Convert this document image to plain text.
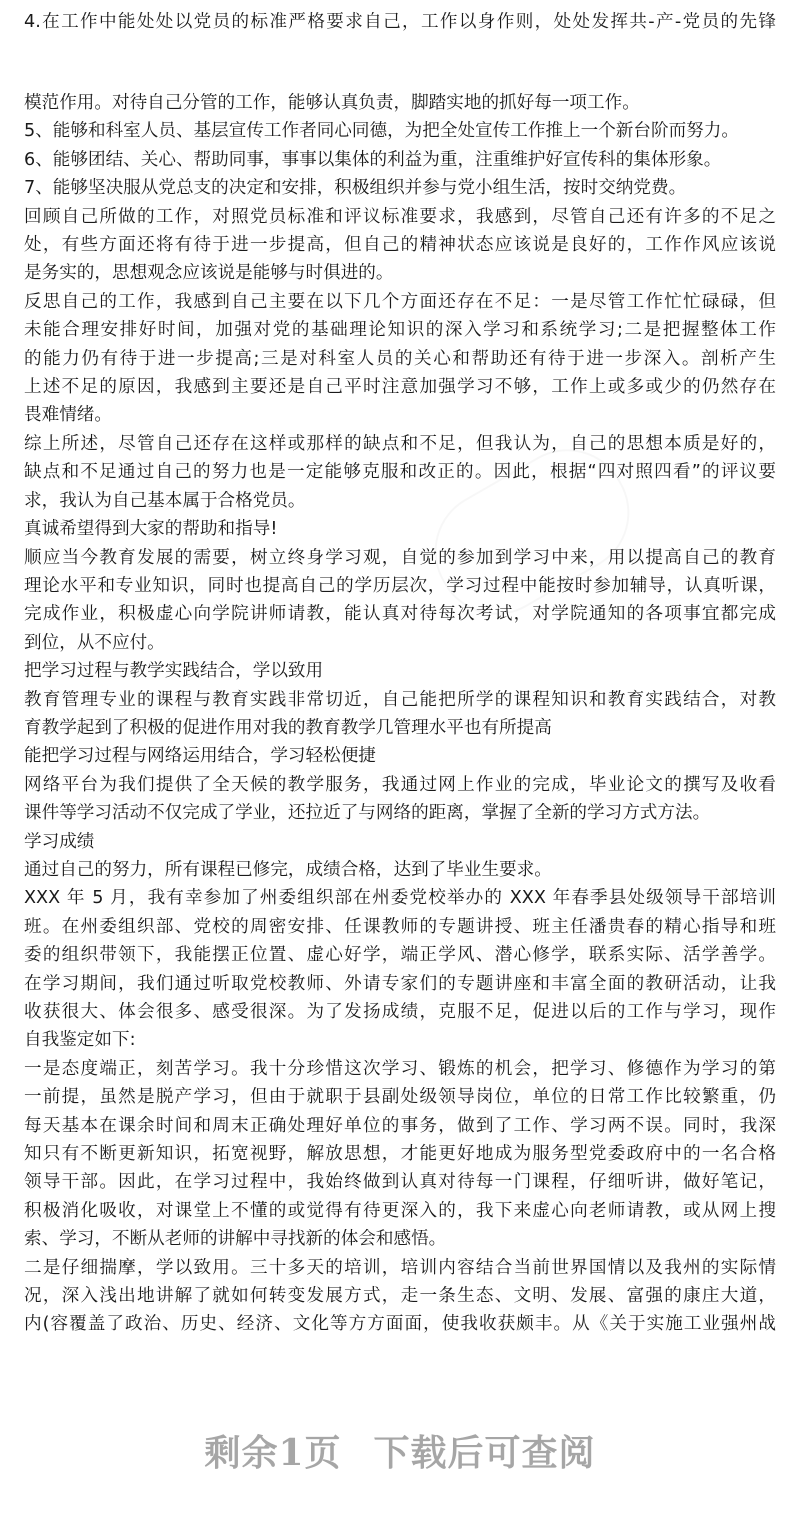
4.在工作中能处处以党员的标准严格要求自己，工作以身作则，处处发挥共-产-党员的先锋
模范作用。对待自己分管的工作，能够认真负责，脚踏实地的抓好每一项工作。
5、能够和科室人员、基层宣传工作者同心同德，为把全处宣传工作推上一个新台阶而努力。
6、能够团结、关心、帮助同事，事事以集体的利益为重，注重维护好宣传科的集体形象。
7、能够坚决服从党总支的决定和安排，积极组织并参与党小组生活，按时交纳党费。
回顾自己所做的工作，对照党员标准和评议标准要求，我感到，尽管自己还有许多的不足之
处，有些方面还将有待于进一步提高，但自己的精神状态应该说是良好的，工作作风应该说
是务实的，思想观念应该说是能够与时俱进的。
反思自己的工作，我感到自己主要在以下几个方面还存在不足：一是尽管工作忙忙碌碌，但
未能合理安排好时间，加强对党的基础理论知识的深入学习和系统学习;二是把握整体工作
的能力仍有待于进一步提高;三是对科室人员的关心和帮助还有待于进一步深入。剖析产生
上述不足的原因，我感到主要还是自己平时注意加强学习不够，工作上或多或少的仍然存在
畏难情绪。
综上所述，尽管自己还存在这样或那样的缺点和不足，但我认为，自己的思想本质是好的，
缺点和不足通过自己的努力也是一定能够克服和改正的。因此，根据“四对照四看”的评议要
求，我认为自己基本属于合格党员。
真诚希望得到大家的帮助和指导!
顺应当今教育发展的需要，树立终身学习观，自觉的参加到学习中来，用以提高自己的教育
理论水平和专业知识，同时也提高自己的学历层次，学习过程中能按时参加辅导，认真听课，
完成作业，积极虚心向学院讲师请教，能认真对待每次考试，对学院通知的各项事宜都完成
到位，从不应付。
把学习过程与教学实践结合，学以致用
教育管理专业的课程与教育实践非常切近，自己能把所学的课程知识和教育实践结合，对教
育教学起到了积极的促进作用对我的教育教学几管理水平也有所提高
能把学习过程与网络运用结合，学习轻松便捷
网络平台为我们提供了全天候的教学服务，我通过网上作业的完成，毕业论文的撰写及收看
课件等学习活动不仅完成了学业，还拉近了与网络的距离，掌握了全新的学习方式方法。
学习成绩
通过自己的努力，所有课程已修完，成绩合格，达到了毕业生要求。
XXX 年 5 月，我有幸参加了州委组织部在州委党校举办的 XXX 年春季县处级领导干部培训
班。在州委组织部、党校的周密安排、任课教师的专题讲授、班主任潘贵春的精心指导和班
委的组织带领下，我能摆正位置、虚心好学，端正学风、潜心修学，联系实际、活学善学。
在学习期间，我们通过听取党校教师、外请专家们的专题讲座和丰富全面的教研活动，让我
收获很大、体会很多、感受很深。为了发扬成绩，克服不足，促进以后的工作与学习，现作
自我鉴定如下:
一是态度端正，刻苦学习。我十分珍惜这次学习、锻炼的机会，把学习、修德作为学习的第
一前提，虽然是脱产学习，但由于就职于县副处级领导岗位，单位的日常工作比较繁重，仍
每天基本在课余时间和周末正确处理好单位的事务，做到了工作、学习两不误。同时，我深
知只有不断更新知识，拓宽视野，解放思想，才能更好地成为服务型党委政府中的一名合格
领导干部。因此，在学习过程中，我始终做到认真对待每一门课程，仔细听讲，做好笔记，
积极消化吸收，对课堂上不懂的或觉得有待更深入的，我下来虚心向老师请教，或从网上搜
索、学习，不断从老师的讲解中寻找新的体会和感悟。
二是仔细揣摩，学以致用。三十多天的培训，培训内容结合当前世界国情以及我州的实际情
况，深入浅出地讲解了就如何转变发展方式，走一条生态、文明、发展、富强的康庄大道，
内(容覆盖了政治、历史、经济、文化等方方面面，使我收获颇丰。从《关于实施工业强州战
剩余1页 下载后可查阅
